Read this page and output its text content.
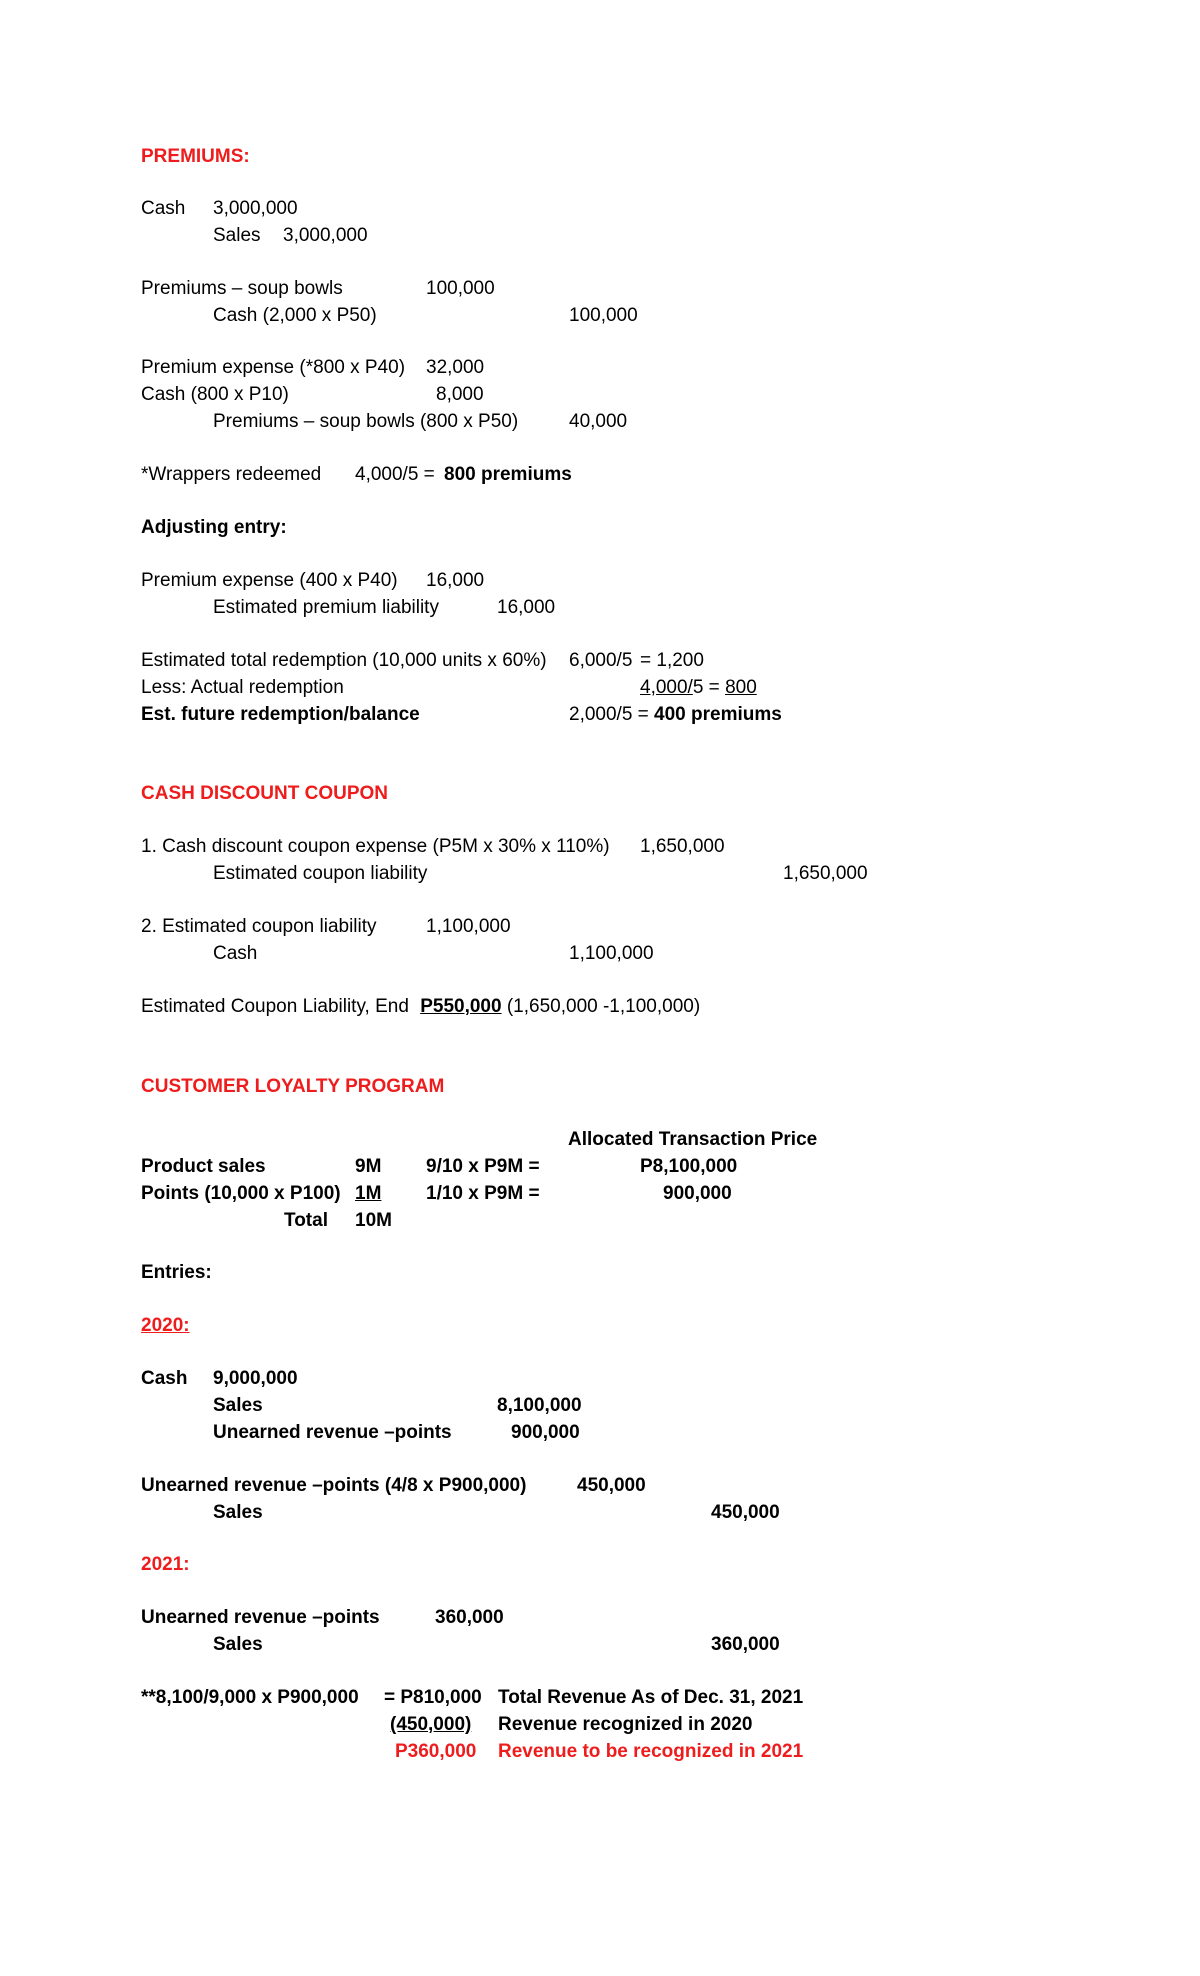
PREMIUMS:
Cash 3,000,000
Sales 3,000,000
Premiums – soup bowls	100,000
Cash (2,000 x P50)	100,000
Premium expense (*800 x P40) 32,000
Cash (800 x P10)	8,000
Premiums – soup bowls (800 x P50)	40,000
*Wrappers redeemed 4,000/5 = 800 premiums
Adjusting entry:
Premium expense (400 x P40) 16,000
Estimated premium liability	16,000
Estimated total redemption (10,000 units x 60%) 6,000/5 = 1,200
Less: Actual redemption	4,000/5 = 800
Est. future redemption/balance	2,000/5 = 400 premiums
CASH DISCOUNT COUPON
1. Cash discount coupon expense (P5M x 30% x 110%) 1,650,000
Estimated coupon liability	1,650,000
2. Estimated coupon liability	1,100,000
Cash	1,100,000
Estimated Coupon Liability, End P550,000 (1,650,000 -1,100,000)
CUSTOMER LOYALTY PROGRAM
Allocated Transaction Price
Product sales	9M 9/10 x P9M =	P8,100,000
Points (10,000 x P100) 1M 1/10 x P9M =	900,000
Total 10M
Entries:
2020:
Cash 9,000,000
Sales	8,100,000
Unearned revenue –points	900,000
Unearned revenue –points (4/8 x P900,000)	450,000
Sales	450,000
2021:
Unearned revenue –points	360,000
Sales	360,000
**8,100/9,000 x P900,000 = P810,000 Total Revenue As of Dec. 31, 2021
(450,000) Revenue recognized in 2020
P360,000 Revenue to be recognized in 2021
